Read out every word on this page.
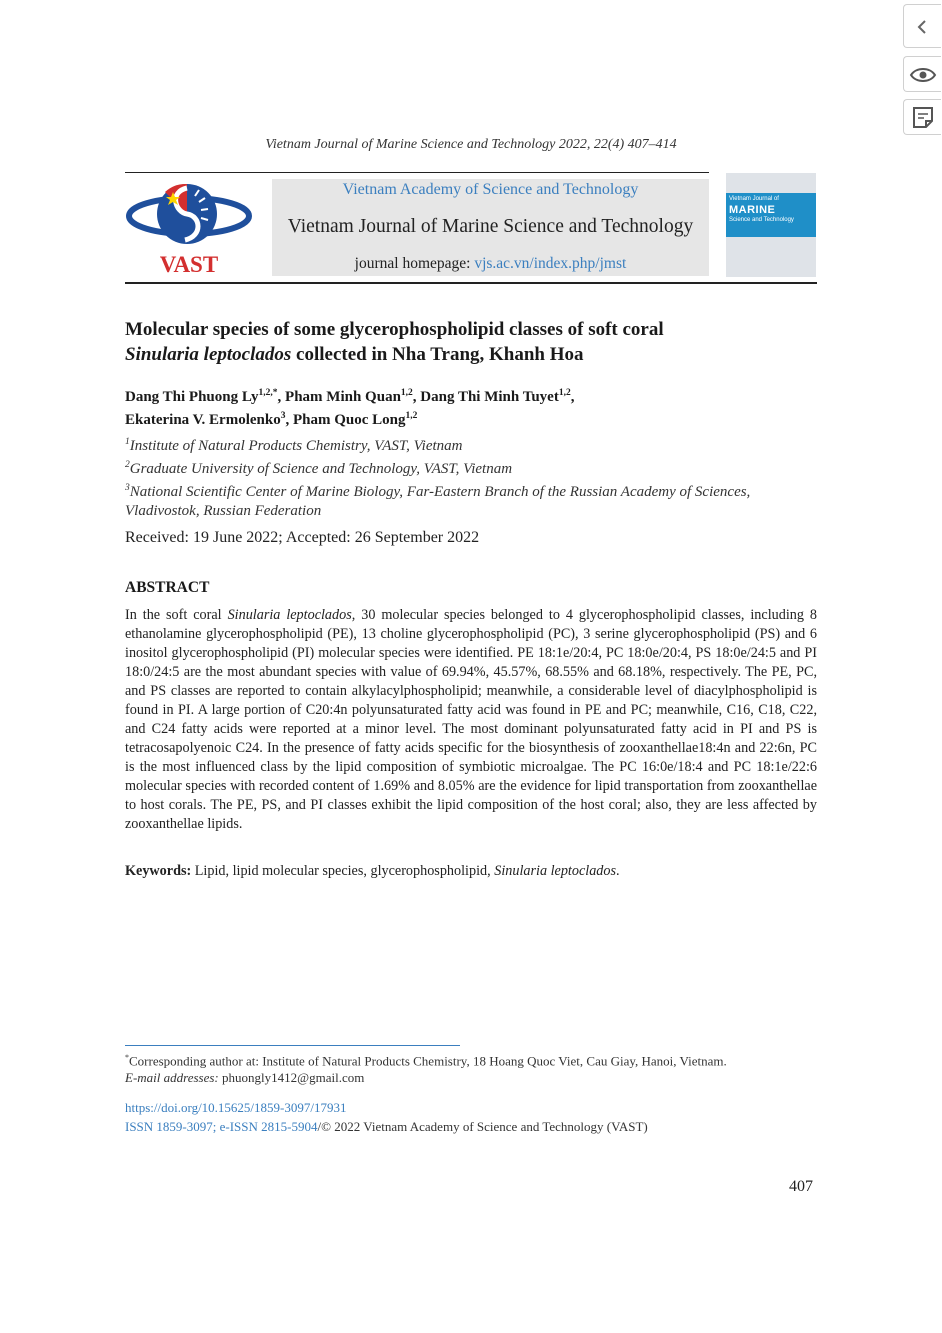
Vietnam Journal of Marine Science and Technology 2022, 22(4) 407–414
VAST
Vietnam Academy of Science and Technology
Vietnam Journal of Marine Science and Technology
journal homepage: vjs.ac.vn/index.php/jmst
Vietnam Journal of
MARINE
Science and Technology
Molecular species of some glycerophospholipid classes of soft coral
Sinularia leptoclados collected in Nha Trang, Khanh Hoa
Dang Thi Phuong $Ly^{1,2,*}$, Pham Minh Quan$^{1,2}$, Dang Thi Minh Tuyet$^{1,2}$,
Ekaterina V. Ermolenko$^3$, Pham Quoc Long$^{1,2}$
$^1$Institute of Natural Products Chemistry, VAST, Vietnam
$^2$Graduate University of Science and Technology, VAST, Vietnam
$^3$National Scientific Center of Marine Biology, Far-Eastern Branch of the Russian Academy of Sciences, Vladivostok, Russian Federation
Received: 19 June 2022; Accepted: 26 September 2022
ABSTRACT
In the soft coral Sinularia leptoclados, 30 molecular species belonged to 4 glycerophospholipid classes, including 8 ethanolamine glycerophospholipid (PE), 13 choline glycerophospholipid (PC), 3 serine glycerophospholipid (PS) and 6 inositol glycerophospholipid (PI) molecular species were identified. PE 18:1e/20:4, PC 18:0e/20:4, PS 18:0e/24:5 and PI 18:0/24:5 are the most abundant species with value of 69.94%, 45.57%, 68.55% and 68.18%, respectively. The PE, PC, and PS classes are reported to contain alkylacylphospholipid; meanwhile, a considerable level of diacylphospholipid is found in PI. A large portion of C20:4n polyunsaturated fatty acid was found in PE and PC; meanwhile, C16, C18, C22, and C24 fatty acids were reported at a minor level. The most dominant polyunsaturated fatty acid in PI and PS is tetracosapolyenoic C24. In the presence of fatty acids specific for the biosynthesis of zooxanthellae18:4n and 22:6n, PC is the most influenced class by the lipid composition of symbiotic microalgae. The PC 16:0e/18:4 and PC 18:1e/22:6 molecular species with recorded content of 1.69% and 8.05% are the evidence for lipid transportation from zooxanthellae to host corals. The PE, PS, and PI classes exhibit the lipid composition of the host coral; also, they are less affected by zooxanthellae lipids.
Keywords: Lipid, lipid molecular species, glycerophospholipid, Sinularia leptoclados.
*Corresponding author at: Institute of Natural Products Chemistry, 18 Hoang Quoc Viet, Cau Giay, Hanoi, Vietnam.
E-mail addresses: phuongly1412@gmail.com
https://doi.org/10.15625/1859-3097/17931
ISSN 1859-3097; e-ISSN 2815-5904/© 2022 Vietnam Academy of Science and Technology (VAST)
407
